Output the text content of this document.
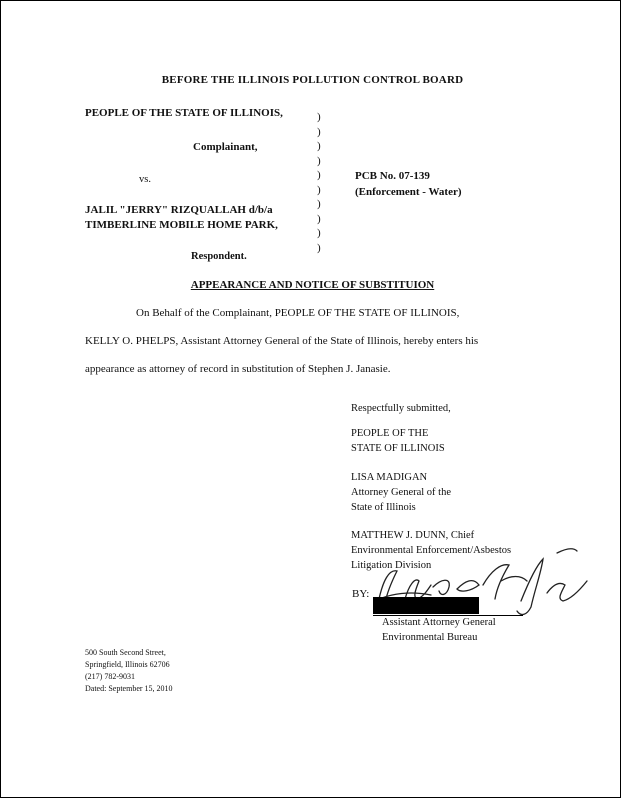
BEFORE THE ILLINOIS POLLUTION CONTROL BOARD
PEOPLE OF THE STATE OF ILLINOIS,
Complainant,
vs.
JALIL "JERRY" RIZQUALLAH d/b/a
TIMBERLINE MOBILE HOME PARK,
Respondent.
)
)
)
)
)
)
)
)
)
)
PCB No. 07-139
(Enforcement - Water)
APPEARANCE AND NOTICE OF SUBSTITUION
On Behalf of the Complainant, PEOPLE OF THE STATE OF ILLINOIS,
KELLY O. PHELPS, Assistant Attorney General of the State of Illinois, hereby enters his
appearance as attorney of record in substitution of Stephen J. Janasie.
Respectfully submitted,
PEOPLE OF THE
STATE OF ILLINOIS
LISA MADIGAN
Attorney General of the
State of Illinois
MATTHEW J. DUNN, Chief
Environmental Enforcement/Asbestos
Litigation Division
BY:
Assistant Attorney General
Environmental Bureau
500 South Second Street,
Springfield, Illinois 62706
(217) 782-9031
Dated: September 15, 2010
